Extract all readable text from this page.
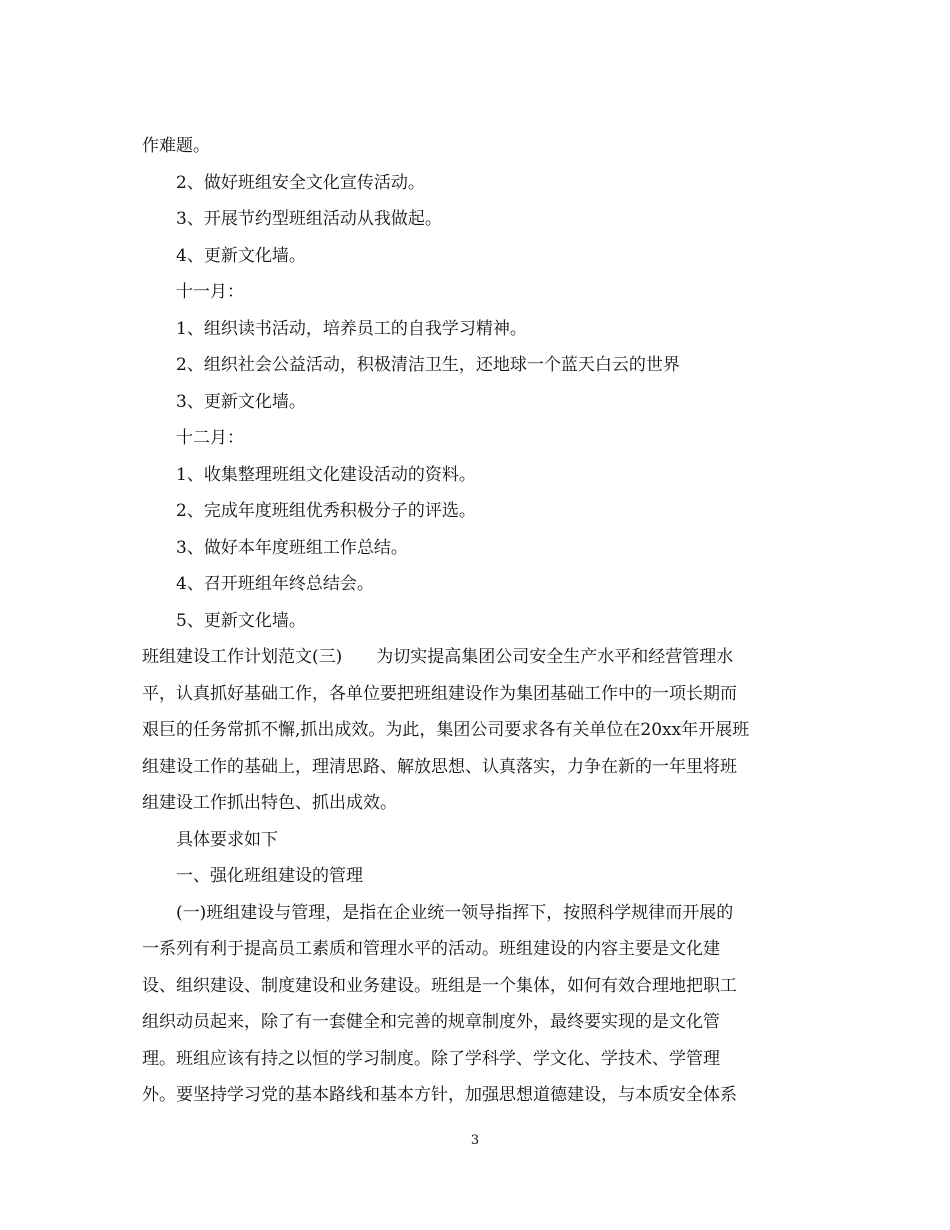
作难题。
2、做好班组安全文化宣传活动。
3、开展节约型班组活动从我做起。
4、更新文化墙。
十一月：
1、组织读书活动，培养员工的自我学习精神。
2、组织社会公益活动，积极清洁卫生，还地球一个蓝天白云的世界
3、更新文化墙。
十二月：
1、收集整理班组文化建设活动的资料。
2、完成年度班组优秀积极分子的评选。
3、做好本年度班组工作总结。
4、召开班组年终总结会。
5、更新文化墙。
班组建设工作计划范文(三)　　为切实提高集团公司安全生产水平和经营管理水
平，认真抓好基础工作，各单位要把班组建设作为集团基础工作中的一项长期而
艰巨的任务常抓不懈,抓出成效。为此，集团公司要求各有关单位在20xx年开展班
组建设工作的基础上，理清思路、解放思想、认真落实，力争在新的一年里将班
组建设工作抓出特色、抓出成效。
具体要求如下
一、强化班组建设的管理
(一)班组建设与管理，是指在企业统一领导指挥下，按照科学规律而开展的
一系列有利于提高员工素质和管理水平的活动。班组建设的内容主要是文化建
设、组织建设、制度建设和业务建设。班组是一个集体，如何有效合理地把职工
组织动员起来，除了有一套健全和完善的规章制度外，最终要实现的是文化管
理。班组应该有持之以恒的学习制度。除了学科学、学文化、学技术、学管理
外。要坚持学习党的基本路线和基本方针，加强思想道德建设，与本质安全体系
3
